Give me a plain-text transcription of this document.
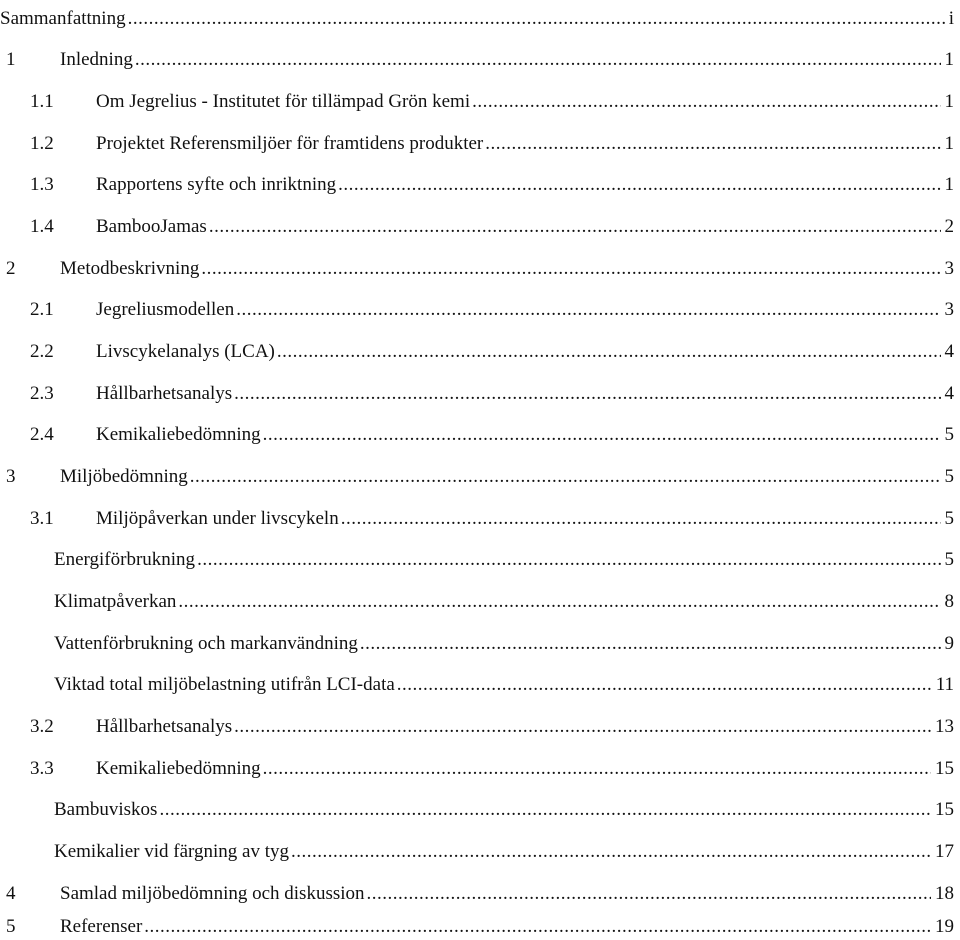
Sammanfattning .....	i
1	Inledning .....	1
1.1	Om Jegrelius - Institutet för tillämpad Grön kemi .....	1
1.2	Projektet Referensmiljöer för framtidens produkter .....	1
1.3	Rapportens syfte och inriktning .....	1
1.4	BambooJamas .....	2
2	Metodbeskrivning .....	3
2.1	Jegreliusmodellen .....	3
2.2	Livscykelanalys (LCA) .....	4
2.3	Hållbarhetsanalys .....	4
2.4	Kemikaliebedömning .....	5
3	Miljöbedömning .....	5
3.1	Miljöpåverkan under livscykeln .....	5
Energiförbrukning .....	5
Klimatpåverkan .....	8
Vattenförbrukning och markanvändning .....	9
Viktad total miljöbelastning utifrån LCI-data .....	11
3.2	Hållbarhetsanalys .....	13
3.3	Kemikaliebedömning .....	15
Bambuviskos .....	15
Kemikalier vid färgning av tyg .....	17
4	Samlad miljöbedömning och diskussion .....	18
5	Referenser .....	19
